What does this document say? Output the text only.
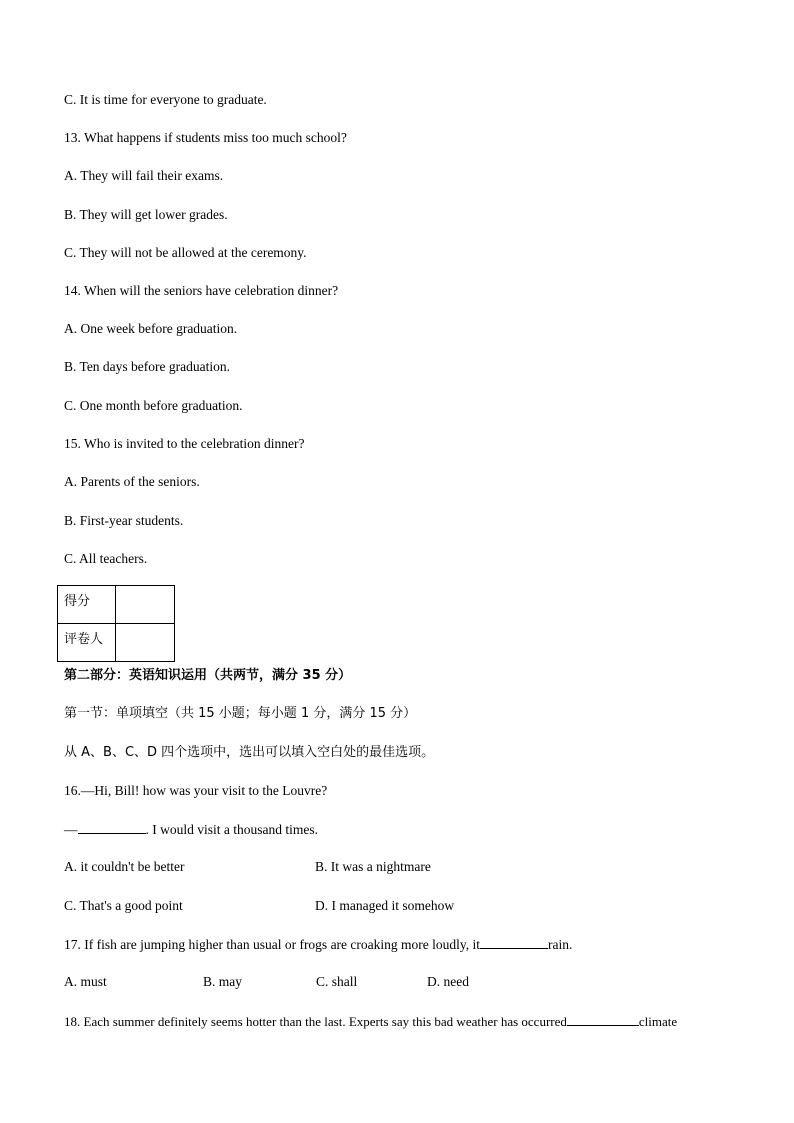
C. It is time for everyone to graduate.
13. What happens if students miss too much school?
A. They will fail their exams.
B. They will get lower grades.
C. They will not be allowed at the ceremony.
14. When will the seniors have celebration dinner?
A. One week before graduation.
B. Ten days before graduation.
C. One month before graduation.
15. Who is invited to the celebration dinner?
A. Parents of the seniors.
B. First-year students.
C. All teachers.
得分	
评卷人	
第二部分：英语知识运用（共两节，满分 35 分）
第一节：单项填空（共 15 小题；每小题 1 分，满分 15 分）
从 A、B、C、D 四个选项中，选出可以填入空白处的最佳选项。
16.—Hi, Bill! how was your visit to the Louvre?
—	. I would visit a thousand times.
A. it couldn't be better	B. It was a nightmare
C. That's a good point	D. I managed it somehow
17. If fish are jumping higher than usual or frogs are croaking more loudly, it	rain.
A. must	B. may	C. shall	D. need
18. Each summer definitely seems hotter than the last. Experts say this bad weather has occurred	climate
